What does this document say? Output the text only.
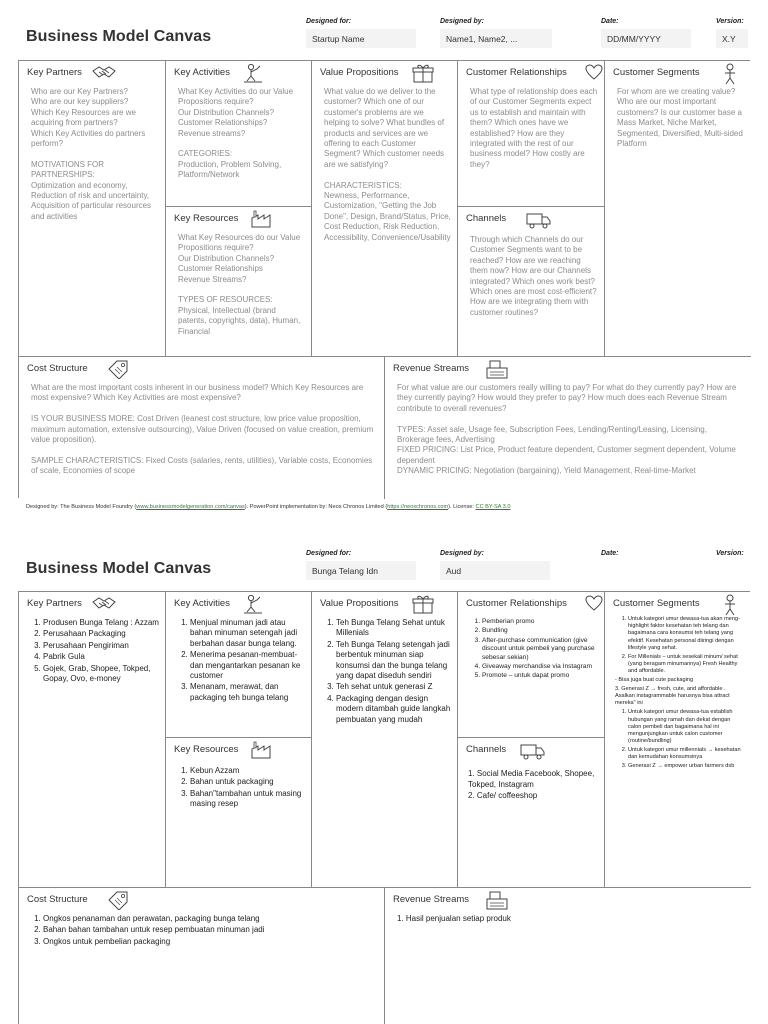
Business Model Canvas
Designed for:
Startup Name
Designed by:
Name1, Name2, ...
Date:
DD/MM/YYYY
Version:
X.Y
Key Partners
Who are our Key Partners?
Who are our key suppliers?
Which Key Resources are we acquiring from partners?
Which Key Activities do partners perform?

MOTIVATIONS FOR PARTNERSHIPS:
Optimization and economy,
Reduction of risk and uncertainty, Acquisition of particular resources and activities
Key Activities
What Key Activities do our Value Propositions require?
Our Distribution Channels?
Customer Relationships?
Revenue streams?

CATEGORIES:
Production, Problem Solving, Platform/Network
Key Resources
What Key Resources do our Value Propositions require?
Our Distribution Channels?
Customer Relationships
Revenue Streams?

TYPES OF RESOURCES:
Physical, Intellectual (brand patents, copyrights, data), Human, Financial
Value Propositions
What value do we deliver to the customer? Which one of our customer's problems are we helping to solve? What bundles of products and services are we offering to each Customer Segment? Which customer needs are we satisfying?

CHARACTERISTICS:
Newness, Performance, Customization, "Getting the Job Done", Design, Brand/Status, Price, Cost Reduction, Risk Reduction, Accessibility, Convenience/Usability
Customer Relationships
What type of relationship does each of our Customer Segments expect us to establish and maintain with them? Which ones have we established? How are they integrated with the rest of our business model? How costly are they?
Channels
Through which Channels do our Customer Segments want to be reached? How are we reaching them now? How are our Channels integrated? Which ones work best? Which ones are most cost-efficient? How are we integrating them with customer routines?
Customer Segments
For whom are we creating value? Who are our most important customers? Is our customer base a Mass Market, Niche Market, Segmented, Diversified, Multi-sided Platform
Cost Structure
What are the most important costs inherent in our business model? Which Key Resources are most expensive? Which Key Activities are most expensive?

IS YOUR BUSINESS MORE: Cost Driven (leanest cost structure, low price value proposition, maximum automation, extensive outsourcing), Value Driven (focused on value creation, premium value proposition).

SAMPLE CHARACTERISTICS: Fixed Costs (salaries, rents, utilities), Variable costs, Economies of scale, Economies of scope
Revenue Streams
For what value are our customers really willing to pay? For what do they currently pay? How are they currently paying? How would they prefer to pay? How much does each Revenue Stream contribute to overall revenues?

TYPES: Asset sale, Usage fee, Subscription Fees, Lending/Renting/Leasing, Licensing, Brokerage fees, Advertising
FIXED PRICING: List Price, Product feature dependent, Customer segment dependent, Volume dependent
DYNAMIC PRICING: Negotiation (bargaining), Yield Management, Real-time-Market
Designed by: The Business Model Foundry (www.businessmodelgeneration.com/canvas). PowerPoint implementation by: Neos Chronos Limited (https://neoschronos.com). License: CC BY-SA 3.0
Business Model Canvas
Designed for:
Bunga Telang Idn
Designed by:
Aud
Date:	Version:
Key Partners
1. Produsen Bunga Telang : Azzam
2. Perusahaan Packaging
3. Perusahaan Pengiriman
4. Pabrik Gula
5. Gojek, Grab, Shopee, Tokped, Gopay, Ovo, e-money
Key Activities
1. Menjual minuman jadi atau bahan minuman setengah jadi berbahan dasar bunga telang.
2. Menerima pesanan-membuat- dan mengantarkan pesanan ke customer
3. Menanam, merawat, dan packaging teh bunga telang
Key Resources
1. Kebun Azzam
2. Bahan untuk packaging
3. Bahan"tambahan untuk masing masing resep
Value Propositions
1. Teh Bunga Telang Sehat untuk Millenials
2. Teh Bunga Telang setengah jadi berbentuk minuman siap konsumsi dan the bunga telang yang dapat diseduh sendiri
3. Teh sehat untuk generasi Z
4. Packaging dengan design modern ditambah guide langkah pembuatan yang mudah
Customer Relationships
1. Pemberian promo
2. Bundling
3. After-purchase communication (give discount untuk pembeli yang purchase sebesar sekian)
4. Giveaway merchandise via Instagram
5. Promote – untuk dapat promo
Channels
1. Social Media Facebook, Shopee, Tokped, Instagram
2. Cafe/ coffeeshop
Customer Segments
1. Untuk kategori umur dewasa-tua akan meng-highlight faktor kesehatan teh telang dan bagaimana cara konsumsi teh telang yang efektif. Kesehatan personal diiringi dengan lifestyle yang sehat.
2. For Millenials – untuk sesekali minum/ sehat (yang beragam minumannya) Fresh Healthy and affordable.
- Bisa juga buat cute packaging
3. Generasi Z → fresh, cute, and affordable . Asalkan instagrammable harusnya bisa attract mereka" ini
1. Untuk kategori umur dewasa-tua establish hubungan yang ramah dan dekat dengan calon pembeli dan bagaimana hal ini mengunjungkan untuk calon customer (routine/bundling)
2. Untuk kategori umur millennials → kesehatan dan kemudahan konsumsinya
3. Generasi Z → empower urban farmers dsb
Cost Structure
1. Ongkos penanaman dan perawatan, packaging bunga telang
2. Bahan bahan tambahan untuk resep pembuatan minuman jadi
3. Ongkos untuk pembelian packaging
Revenue Streams
1. Hasil penjualan setiap produk
